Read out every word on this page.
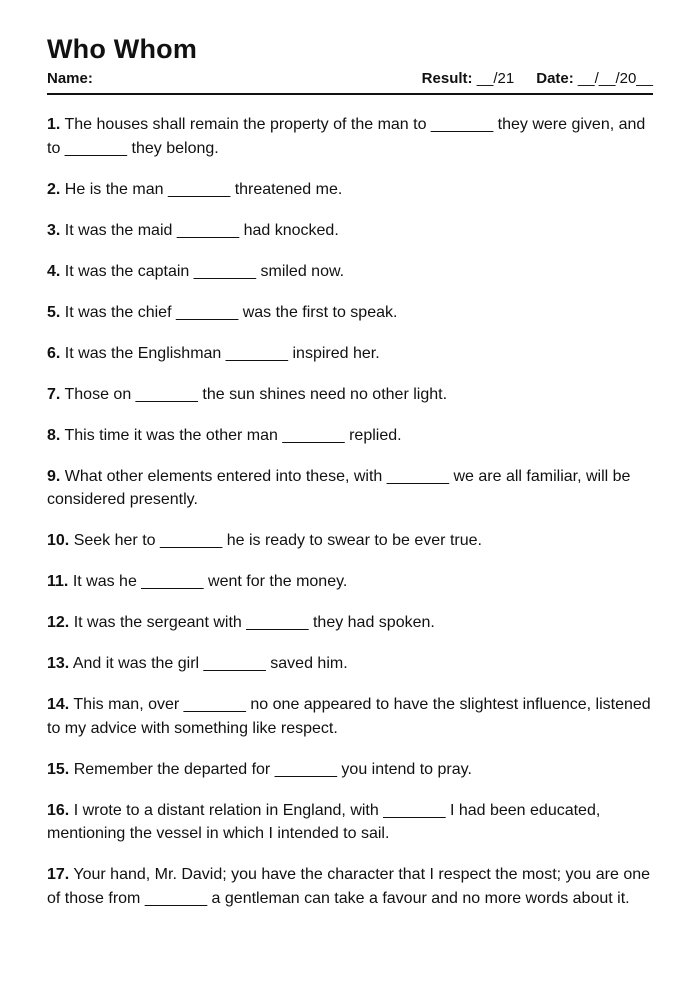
Who Whom
Name:	Result: __/21 Date: __/__/20__

1. The houses shall remain the property of the man to _______ they were given, and to _______ they belong.

2. He is the man _______ threatened me.

3. It was the maid _______ had knocked.

4. It was the captain _______ smiled now.

5. It was the chief _______ was the first to speak.

6. It was the Englishman _______ inspired her.

7. Those on _______ the sun shines need no other light.

8. This time it was the other man _______ replied.

9. What other elements entered into these, with _______ we are all familiar, will be considered presently.

10. Seek her to _______ he is ready to swear to be ever true.

11. It was he _______ went for the money.

12. It was the sergeant with _______ they had spoken.

13. And it was the girl _______ saved him.

14. This man, over _______ no one appeared to have the slightest influence, listened to my advice with something like respect.

15. Remember the departed for _______ you intend to pray.

16. I wrote to a distant relation in England, with _______ I had been educated, mentioning the vessel in which I intended to sail.

17. Your hand, Mr. David; you have the character that I respect the most; you are one of those from _______ a gentleman can take a favour and no more words about it.
